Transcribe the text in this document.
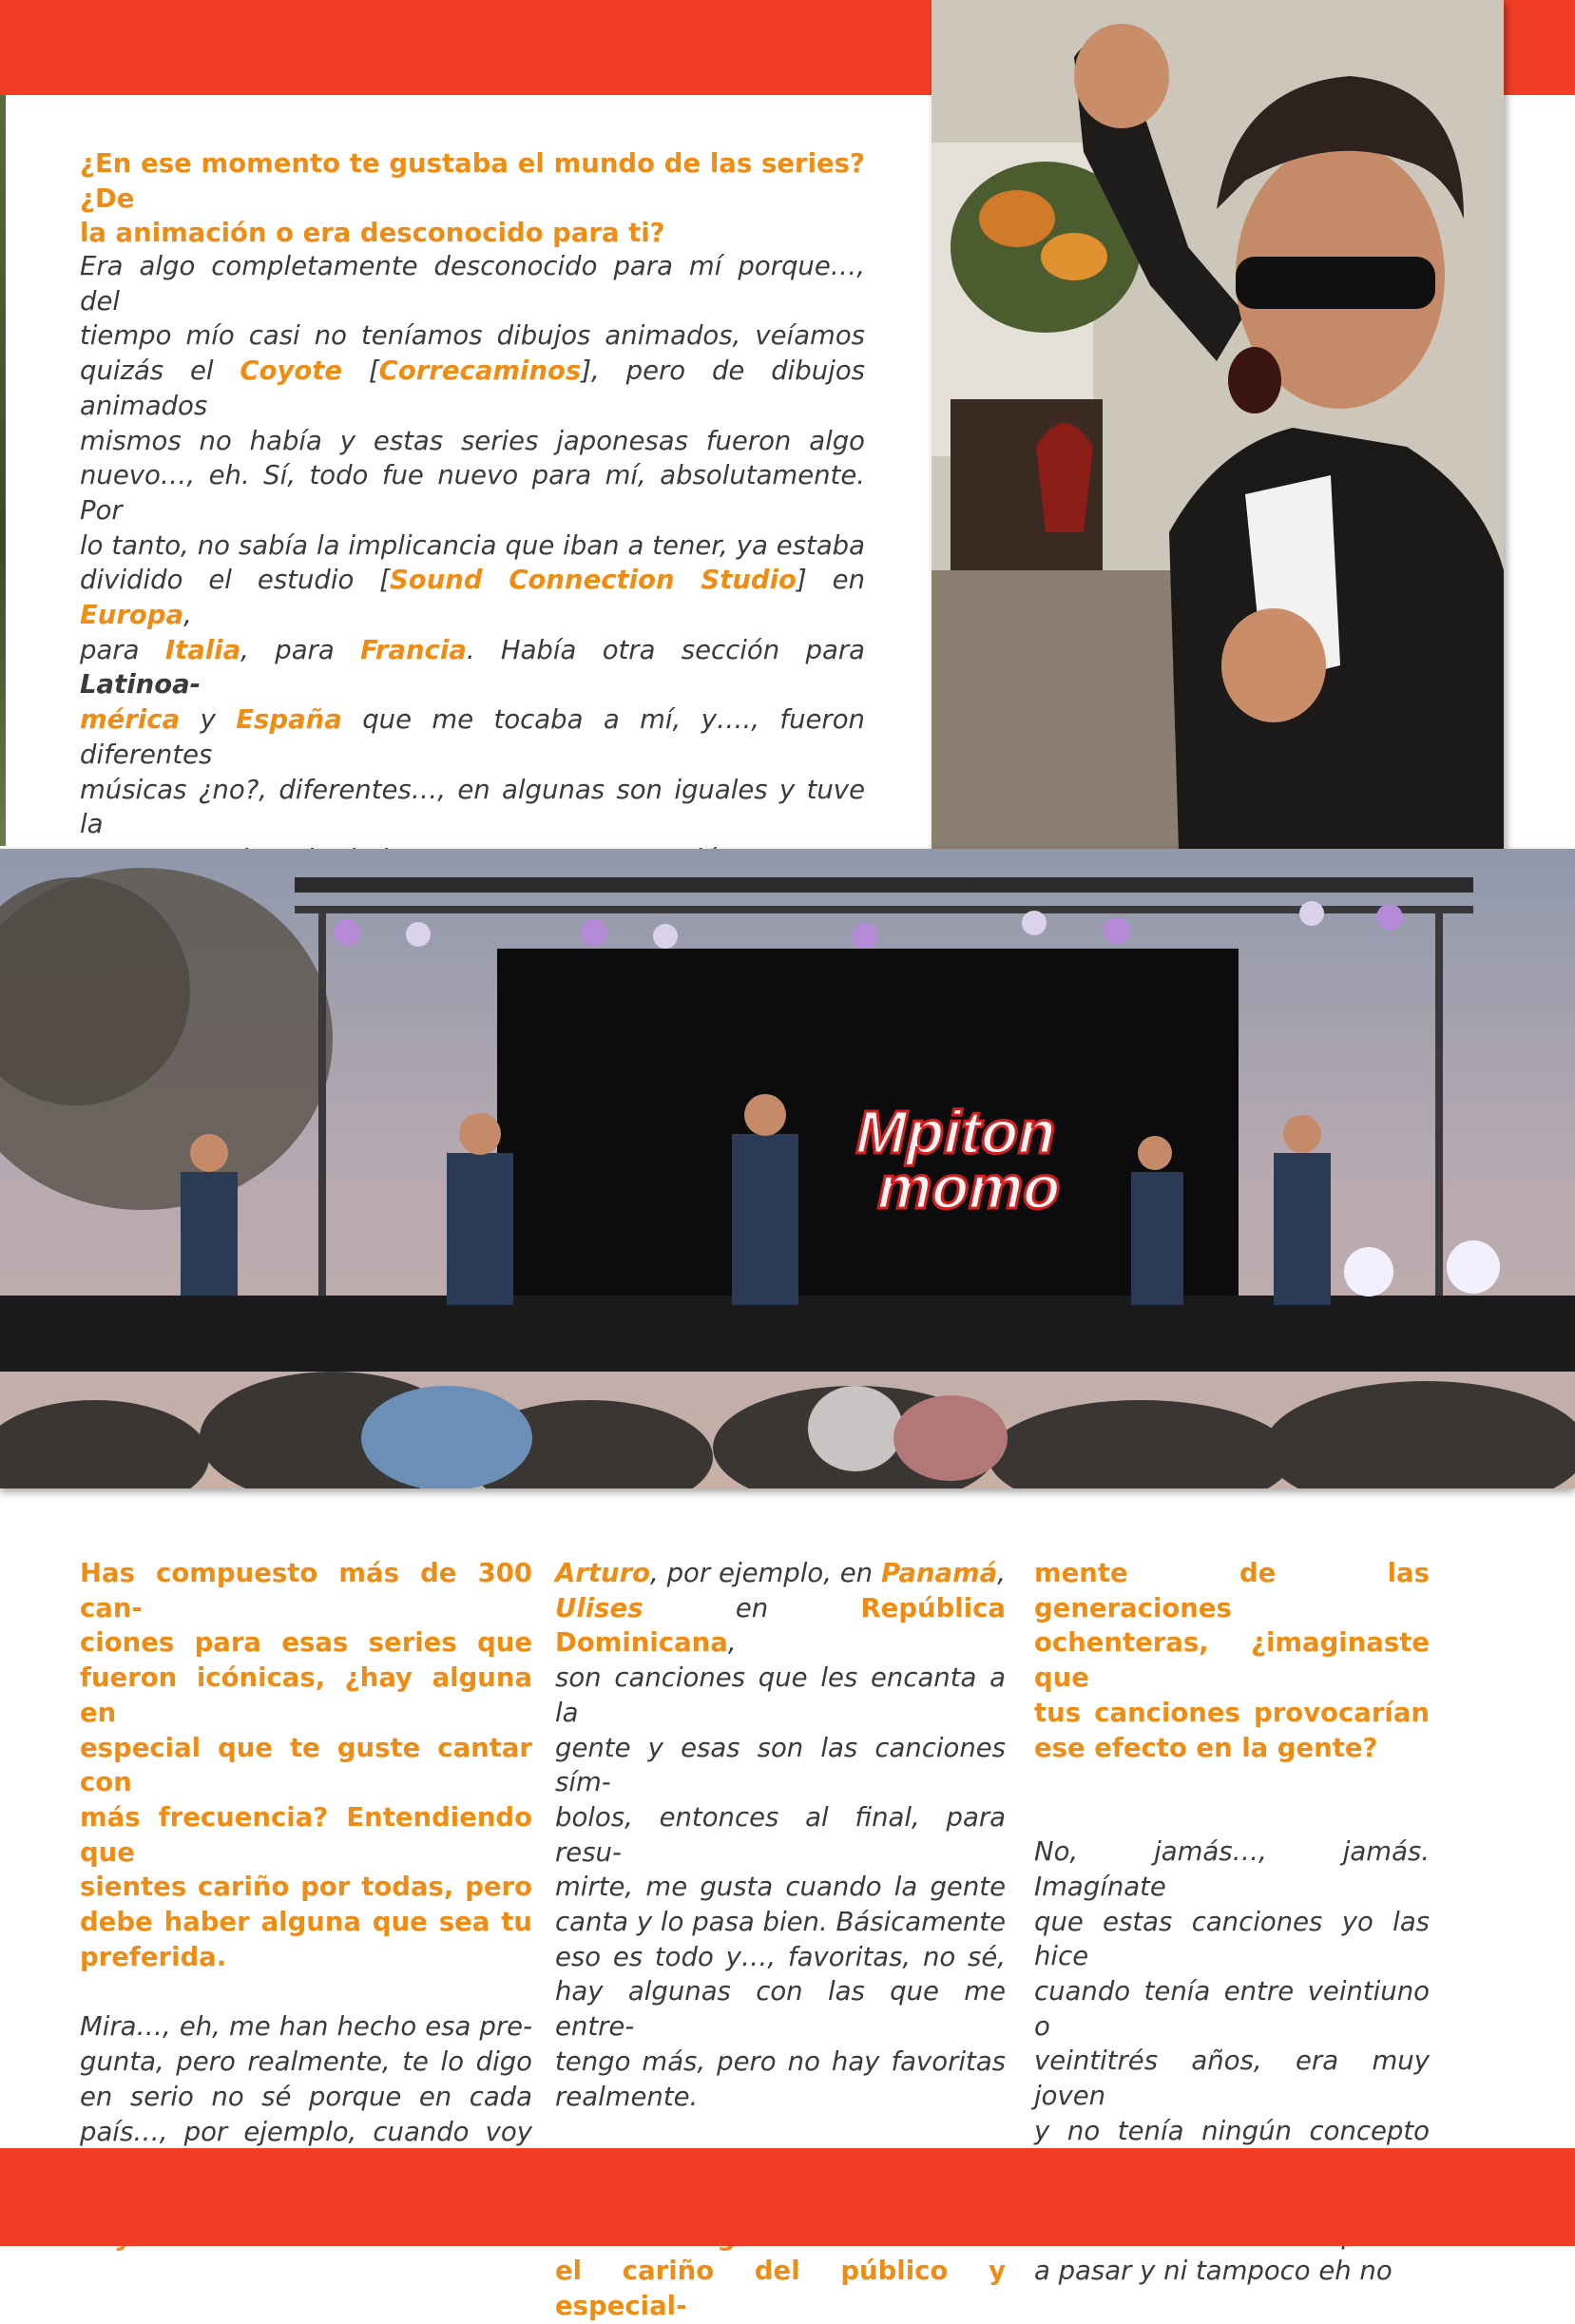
¿En ese momento te gustaba el mundo de las series? ¿De
la animación o era desconocido para ti?
Era algo completamente desconocido para mí porque…, del
tiempo mío casi no teníamos dibujos animados, veíamos
quizás el Coyote [Correcaminos], pero de dibujos animados
mismos no había y estas series japonesas fueron algo
nuevo…, eh. Sí, todo fue nuevo para mí, absolutamente. Por
lo tanto, no sabía la implicancia que iban a tener, ya estaba
dividido el estudio [Sound Connection Studio] en Europa,
para Italia, para Francia. Había otra sección para Latinoa-
mérica y España que me tocaba a mí, y…., fueron diferentes
músicas ¿no?, diferentes…, en algunas son iguales y tuve la
Mpiton
momo
Has compuesto más de 300 can-
ciones para esas series que
fueron icónicas, ¿hay alguna en
especial que te guste cantar con
más frecuencia? Entendiendo que
sientes cariño por todas, pero
debe haber alguna que sea tu
preferida.
Mira…, eh, me han hecho esa pre-
gunta, pero realmente, te lo digo
en serio no sé porque en cada
país…, por ejemplo, cuando voy
Arturo, por ejemplo, en Panamá,
Ulises en República Dominicana,
son canciones que les encanta a la
gente y esas son las canciones sím-
bolos, entonces al final, para resu-
mirte, me gusta cuando la gente
canta y lo pasa bien. Básicamente
eso es todo y…, favoritas, no sé,
hay algunas con las que me entre-
tengo más, pero no hay favoritas
realmente.
el cariño del público y especial-
mente de las generaciones
ochenteras, ¿imaginaste que
tus canciones provocarían
ese efecto en la gente?
No, jamás…, jamás. Imagínate
que estas canciones yo las hice
cuando tenía entre veintiuno o
veintitrés años, era muy joven
y no tenía ningún concepto
a pasar y ni tampoco eh no
